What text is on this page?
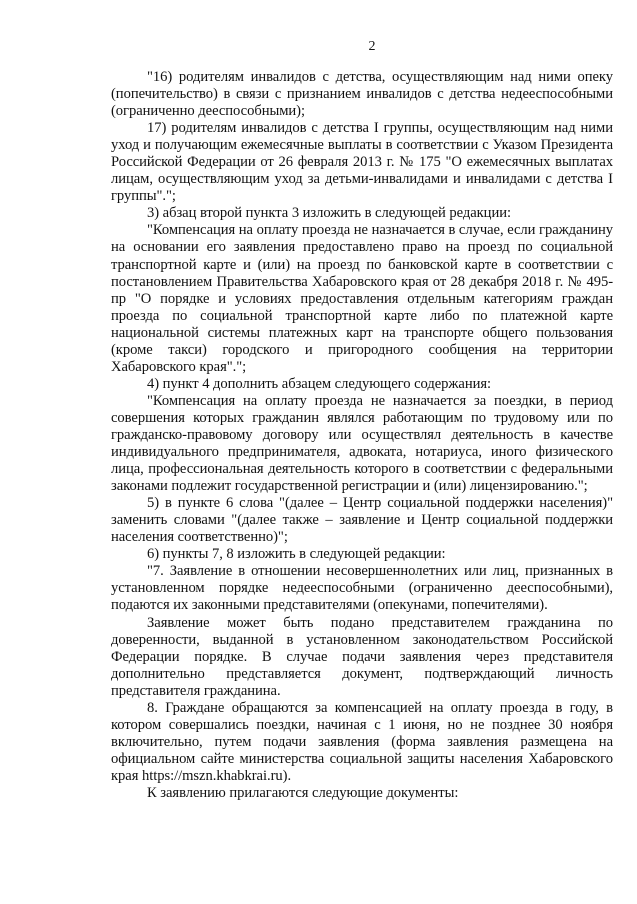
2

"16) родителям инвалидов с детства, осуществляющим над ними опеку (попечительство) в связи с признанием инвалидов с детства недееспособными (ограниченно дееспособными);

17) родителям инвалидов с детства I группы, осуществляющим над ними уход и получающим ежемесячные выплаты в соответствии с Указом Президента Российской Федерации от 26 февраля 2013 г. № 175 "О ежемесячных выплатах лицам, осуществляющим уход за детьми-инвалидами и инвалидами с детства I группы".";

3) абзац второй пункта 3 изложить в следующей редакции:

"Компенсация на оплату проезда не назначается в случае, если гражданину на основании его заявления предоставлено право на проезд по социальной транспортной карте и (или) на проезд по банковской карте в соответствии с постановлением Правительства Хабаровского края от 28 декабря 2018 г. № 495-пр "О порядке и условиях предоставления отдельным категориям граждан проезда по социальной транспортной карте либо по платежной карте национальной системы платежных карт на транспорте общего пользования (кроме такси) городского и пригородного сообщения на территории Хабаровского края".";

4) пункт 4 дополнить абзацем следующего содержания:

"Компенсация на оплату проезда не назначается за поездки, в период совершения которых гражданин являлся работающим по трудовому или по гражданско-правовому договору или осуществлял деятельность в качестве индивидуального предпринимателя, адвоката, нотариуса, иного физического лица, профессиональная деятельность которого в соответствии с федеральными законами подлежит государственной регистрации и (или) лицензированию.";

5) в пункте 6 слова "(далее – Центр социальной поддержки населения)" заменить словами "(далее также – заявление и Центр социальной поддержки населения соответственно)";

6) пункты 7, 8 изложить в следующей редакции:

"7. Заявление в отношении несовершеннолетних или лиц, признанных в установленном порядке недееспособными (ограниченно дееспособными), подаются их законными представителями (опекунами, попечителями).

Заявление может быть подано представителем гражданина по доверенности, выданной в установленном законодательством Российской Федерации порядке. В случае подачи заявления через представителя дополнительно представляется документ, подтверждающий личность представителя гражданина.

8. Граждане обращаются за компенсацией на оплату проезда в году, в котором совершались поездки, начиная с 1 июня, но не позднее 30 ноября включительно, путем подачи заявления (форма заявления размещена на официальном сайте министерства социальной защиты населения Хабаровского края https://mszn.khabkrai.ru).

К заявлению прилагаются следующие документы:
